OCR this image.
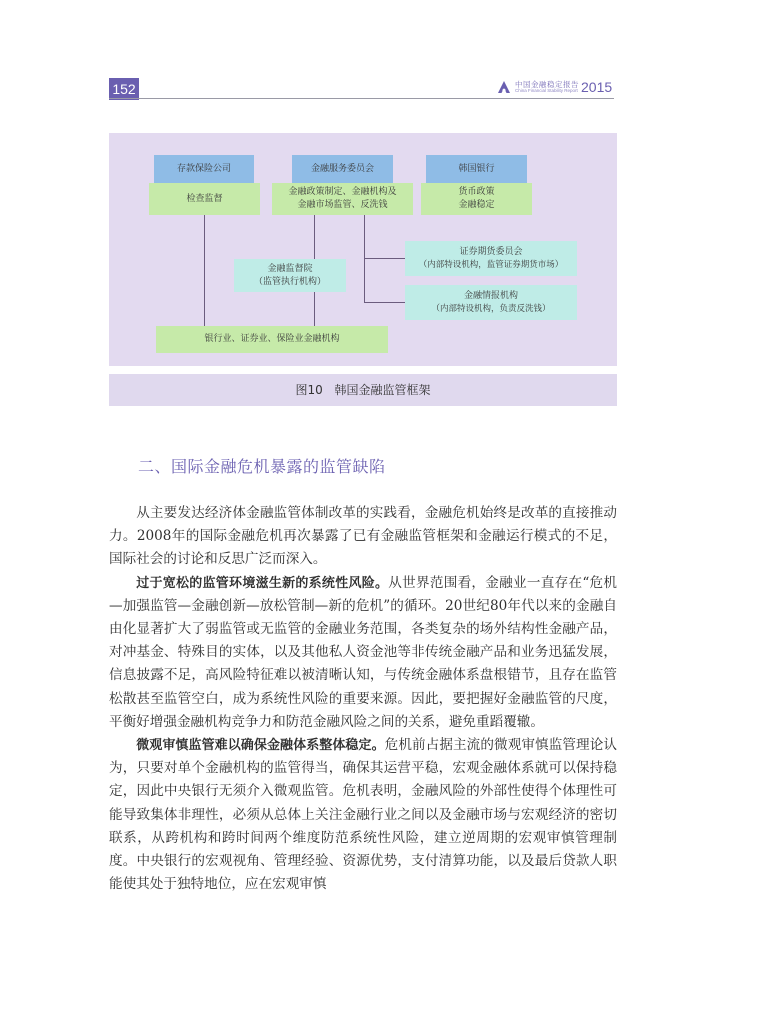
152	中国金融稳定报告
China Financial Stability Report 2015
存款保险公司
检查监督
金融服务委员会
金融政策制定、金融机构及
金融市场监管、反洗钱
韩国银行
货币政策
金融稳定
证券期货委员会
（内部特设机构，监管证券期货市场）
金融监督院
（监管执行机构）
金融情报机构
（内部特设机构，负责反洗钱）
银行业、证券业、保险业金融机构
图10 韩国金融监管框架
二、国际金融危机暴露的监管缺陷

从主要发达经济体金融监管体制改革的实践看，金融危机始终是改革的直接推动力。2008年的国际金融危机再次暴露了已有金融监管框架和金融运行模式的不足，国际社会的讨论和反思广泛而深入。

过于宽松的监管环境滋生新的系统性风险。从世界范围看，金融业一直存在“危机—加强监管—金融创新—放松管制—新的危机”的循环。20世纪80年代以来的金融自由化显著扩大了弱监管或无监管的金融业务范围，各类复杂的场外结构性金融产品，对冲基金、特殊目的实体，以及其他私人资金池等非传统金融产品和业务迅猛发展，信息披露不足，高风险特征难以被清晰认知，与传统金融体系盘根错节，且存在监管松散甚至监管空白，成为系统性风险的重要来源。因此，要把握好金融监管的尺度，平衡好增强金融机构竞争力和防范金融风险之间的关系，避免重蹈覆辙。

微观审慎监管难以确保金融体系整体稳定。危机前占据主流的微观审慎监管理论认为，只要对单个金融机构的监管得当，确保其运营平稳，宏观金融体系就可以保持稳定，因此中央银行无须介入微观监管。危机表明，金融风险的外部性使得个体理性可能导致集体非理性，必须从总体上关注金融行业之间以及金融市场与宏观经济的密切联系，从跨机构和跨时间两个维度防范系统性风险，建立逆周期的宏观审慎管理制度。中央银行的宏观视角、管理经验、资源优势，支付清算功能，以及最后贷款人职能使其处于独特地位，应在宏观审慎
